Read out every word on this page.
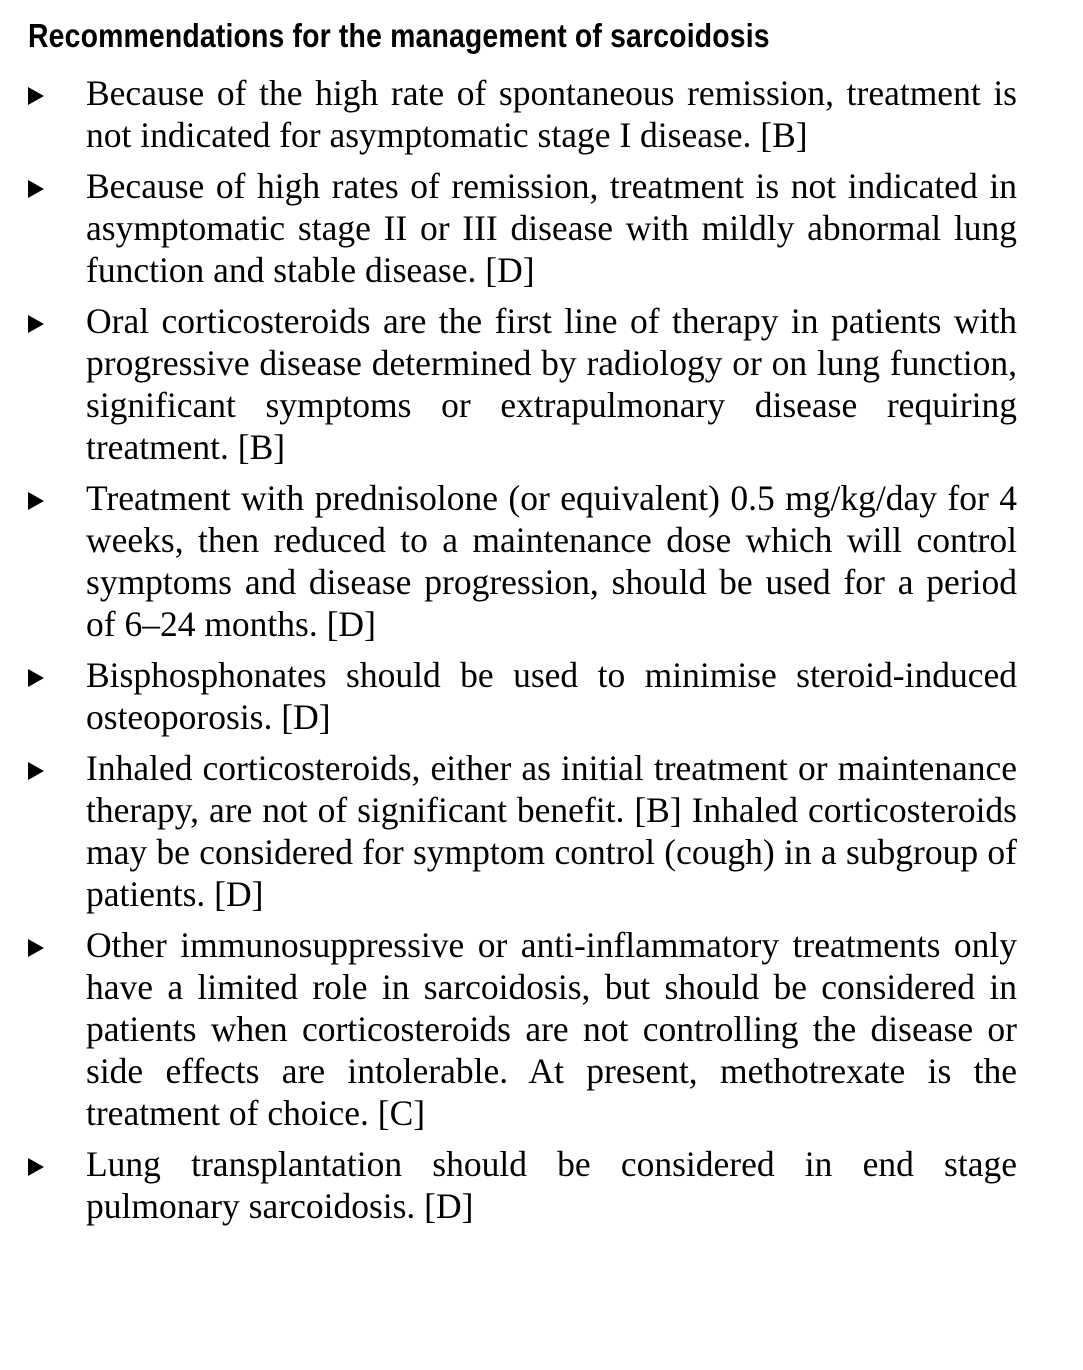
Recommendations for the management of sarcoidosis
Because of the high rate of spontaneous remission, treatment is not indicated for asymptomatic stage I disease. [B]
Because of high rates of remission, treatment is not indicated in asymptomatic stage II or III disease with mildly abnormal lung function and stable disease. [D]
Oral corticosteroids are the first line of therapy in patients with progressive disease determined by radiology or on lung function, significant symptoms or extrapulmonary disease requiring treatment. [B]
Treatment with prednisolone (or equivalent) 0.5 mg/​kg/day for 4 weeks, then reduced to a maintenance dose which will control symptoms and disease progression, should be used for a period of 6–24 months. [D]
Bisphosphonates should be used to minimise steroid-induced osteoporosis. [D]
Inhaled corticosteroids, either as initial treatment or maintenance therapy, are not of significant benefit. [B] Inhaled corticosteroids may be considered for symptom control (cough) in a subgroup of patients. [D]
Other immunosuppressive or anti-inflammatory treatments only have a limited role in sarcoidosis, but should be considered in patients when corticosteroids are not controlling the disease or side effects are intolerable. At present, methotrexate is the treatment of choice. [C]
Lung transplantation should be considered in end stage pulmonary sarcoidosis. [D]
